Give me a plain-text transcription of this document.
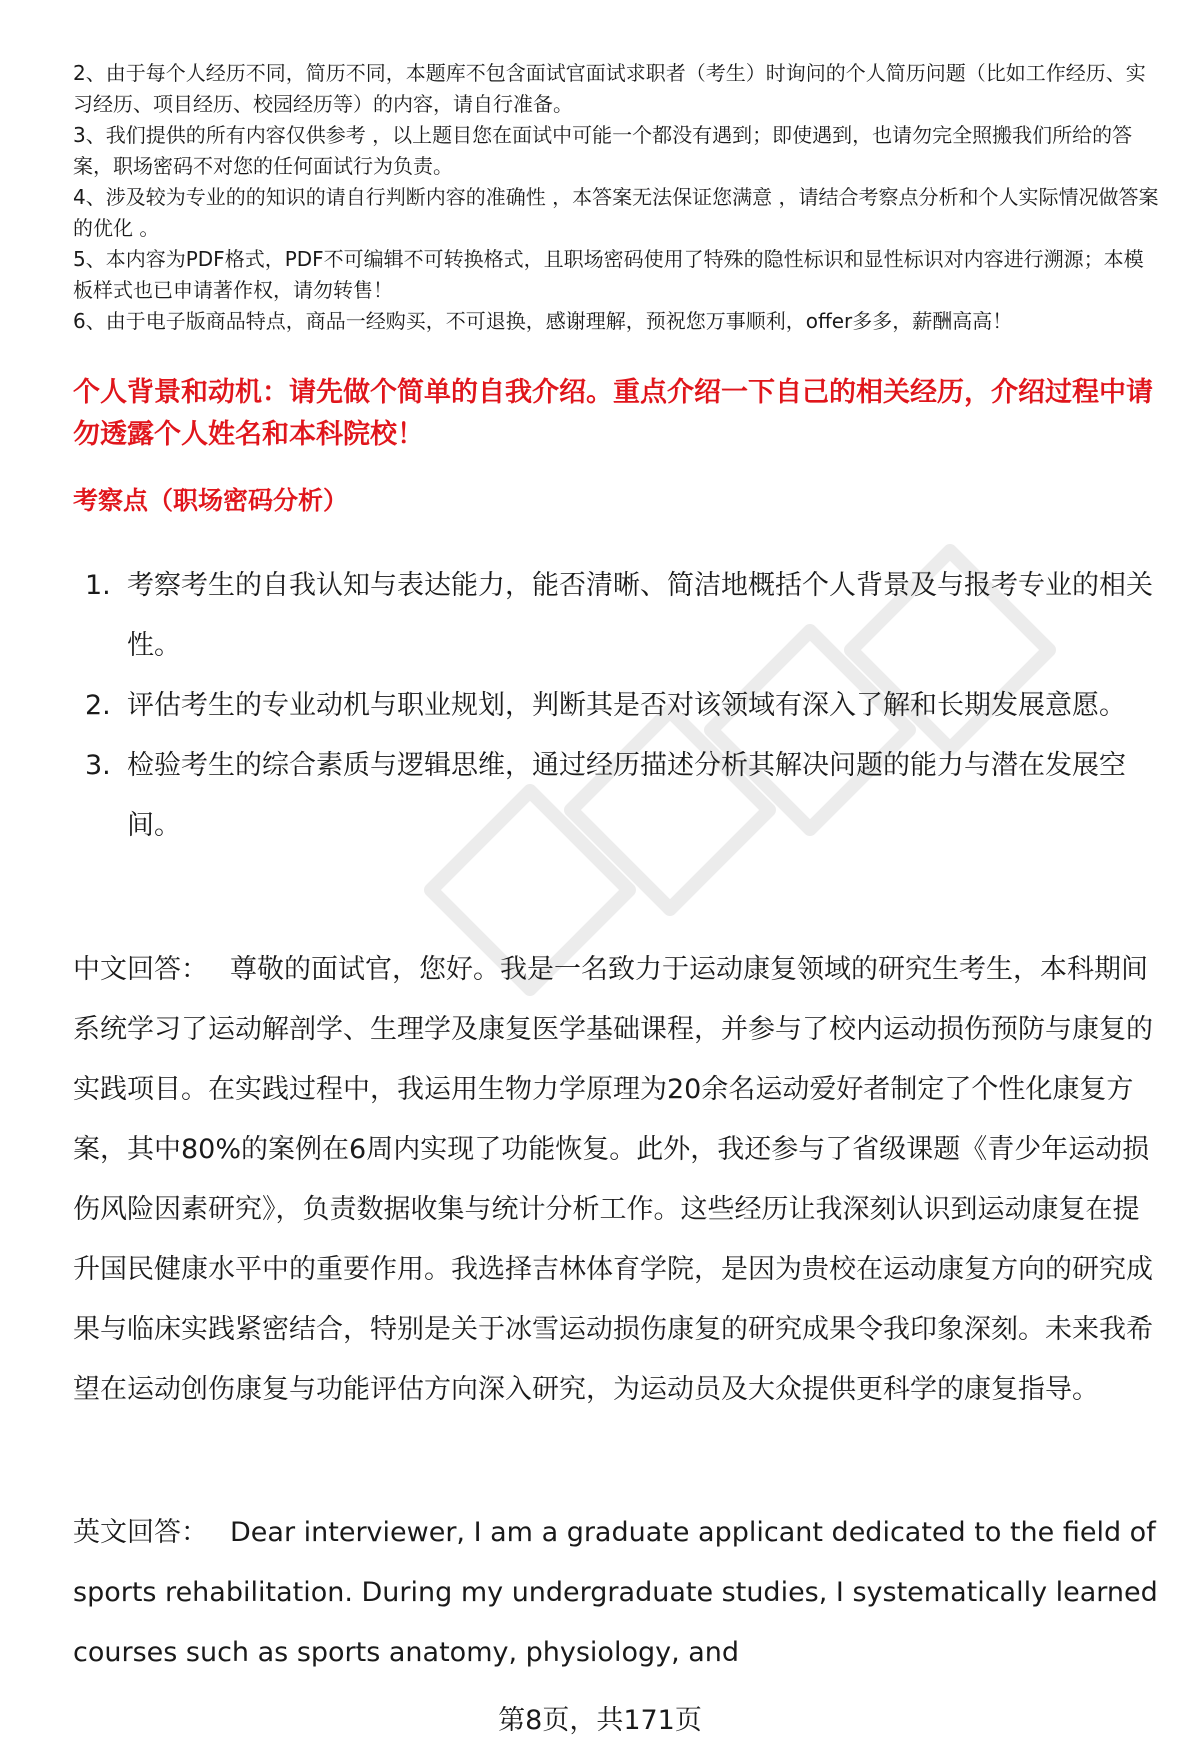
2、由于每个人经历不同，简历不同，本题库不包含面试官面试求职者（考生）时询问的个人简历问题（比如工作经历、实习经历、项目经历、校园经历等）的内容，请自行准备。

3、我们提供的所有内容仅供参考 ，以上题目您在面试中可能一个都没有遇到；即使遇到，也请勿完全照搬我们所给的答案，职场密码不对您的任何面试行为负责。

4、涉及较为专业的的知识的请自行判断内容的准确性 ，本答案无法保证您满意 ，请结合考察点分析和个人实际情况做答案的优化 。

5、本内容为PDF格式，PDF不可编辑不可转换格式，且职场密码使用了特殊的隐性标识和显性标识对内容进行溯源；本模板样式也已申请著作权，请勿转售！

6、由于电子版商品特点，商品一经购买，不可退换，感谢理解，预祝您万事顺利，offer多多，薪酬高高！

个人背景和动机：请先做个简单的自我介绍。重点介绍一下自己的相关经历，介绍过程中请勿透露个人姓名和本科院校！

考察点（职场密码分析）

1. 考察考生的自我认知与表达能力，能否清晰、简洁地概括个人背景及与报考专业的相关性。
2. 评估考生的专业动机与职业规划，判断其是否对该领域有深入了解和长期发展意愿。
3. 检验考生的综合素质与逻辑思维，通过经历描述分析其解决问题的能力与潜在发展空间。

中文回答： 尊敬的面试官，您好。我是一名致力于运动康复领域的研究生考生，本科期间系统学习了运动解剖学、生理学及康复医学基础课程，并参与了校内运动损伤预防与康复的实践项目。在实践过程中，我运用生物力学原理为20余名运动爱好者制定了个性化康复方案，其中80%的案例在6周内实现了功能恢复。此外，我还参与了省级课题《青少年运动损伤风险因素研究》，负责数据收集与统计分析工作。这些经历让我深刻认识到运动康复在提升国民健康水平中的重要作用。我选择吉林体育学院，是因为贵校在运动康复方向的研究成果与临床实践紧密结合，特别是关于冰雪运动损伤康复的研究成果令我印象深刻。未来我希望在运动创伤康复与功能评估方向深入研究，为运动员及大众提供更科学的康复指导。

英文回答： Dear interviewer, I am a graduate applicant dedicated to the field of sports rehabilitation. During my undergraduate studies, I systematically learned courses such as sports anatomy, physiology, and

第8页，共171页
